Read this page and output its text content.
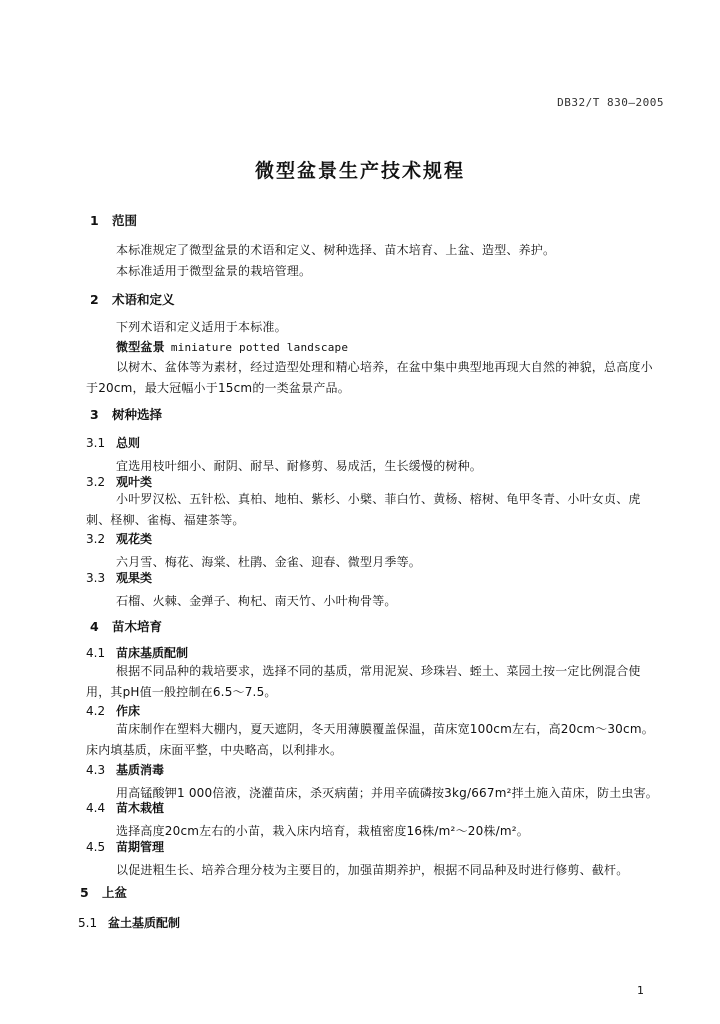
DB32/T 830—2005
微型盆景生产技术规程
1 范围
本标准规定了微型盆景的术语和定义、树种选择、苗木培育、上盆、造型、养护。
本标准适用于微型盆景的栽培管理。
2 术语和定义
下列术语和定义适用于本标准。
微型盆景 miniature potted landscape
以树木、盆体等为素材，经过造型处理和精心培养，在盆中集中典型地再现大自然的神貌，总高度小于20cm，最大冠幅小于15cm的一类盆景产品。
3 树种选择
3.1 总则
宜选用枝叶细小、耐阴、耐旱、耐修剪、易成活，生长缓慢的树种。
3.2 观叶类
小叶罗汉松、五针松、真柏、地柏、紫杉、小檗、菲白竹、黄杨、榕树、龟甲冬青、小叶女贞、虎刺、柽柳、雀梅、福建茶等。
3.2 观花类
六月雪、梅花、海棠、杜鹃、金雀、迎春、微型月季等。
3.3 观果类
石榴、火棘、金弹子、枸杞、南天竹、小叶枸骨等。
4 苗木培育
4.1 苗床基质配制
根据不同品种的栽培要求，选择不同的基质，常用泥炭、珍珠岩、蛭土、菜园土按一定比例混合使用，其pH值一般控制在6.5～7.5。
4.2 作床
苗床制作在塑料大棚内，夏天遮阴，冬天用薄膜覆盖保温，苗床宽100cm左右，高20cm～30cm。床内填基质，床面平整，中央略高，以利排水。
4.3 基质消毒
用高锰酸钾1 000倍液，浇灌苗床，杀灭病菌；并用辛硫磷按3kg/667m²拌土施入苗床，防土虫害。
4.4 苗木栽植
选择高度20cm左右的小苗，栽入床内培育，栽植密度16株/m²～20株/m²。
4.5 苗期管理
以促进粗生长、培养合理分枝为主要目的，加强苗期养护，根据不同品种及时进行修剪、截杆。
5 上盆
5.1 盆土基质配制
1
